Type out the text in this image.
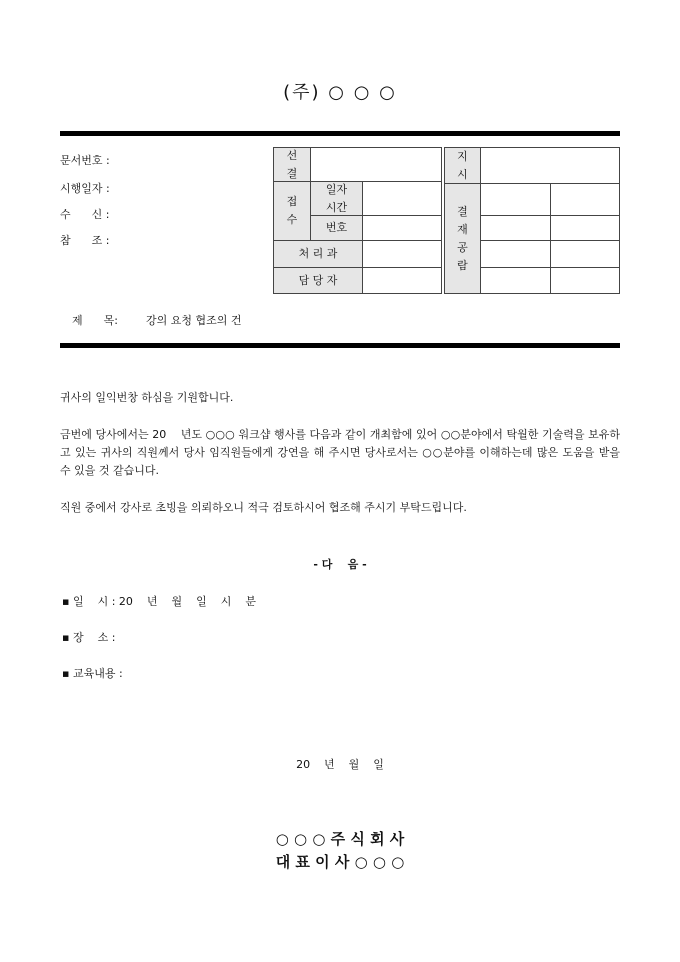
(주) ○ ○ ○
문서번호 :
시행일자 :
수      신 :
참      조 :
선
결
접
수
일자
시간
번호
처 리 과
담 당 자
지
시
결
재
공
람
제      목:	강의 요청 협조의 건
귀사의 일익번창 하심을 기원합니다.
금번에 당사에서는 20    년도 ○○○ 워크샵 행사를 다음과 같이 개최함에 있어 ○○분야에서 탁월한 기술력을 보유하고 있는 귀사의 직원께서 당사 임직원들에게 강연을 해 주시면 당사로서는 ○○분야를 이해하는데 많은 도움을 받을 수 있을 것 같습니다.
직원 중에서 강사로 초빙을 의뢰하오니 적극 검토하시어 협조해 주시기 부탁드립니다.
- 다    음 -
▪ 일    시 : 20    년    월    일    시    분
▪ 장    소 :
▪ 교육내용 :
20    년    월    일
○ ○ ○ 주 식 회 사
대 표 이 사 ○ ○ ○
